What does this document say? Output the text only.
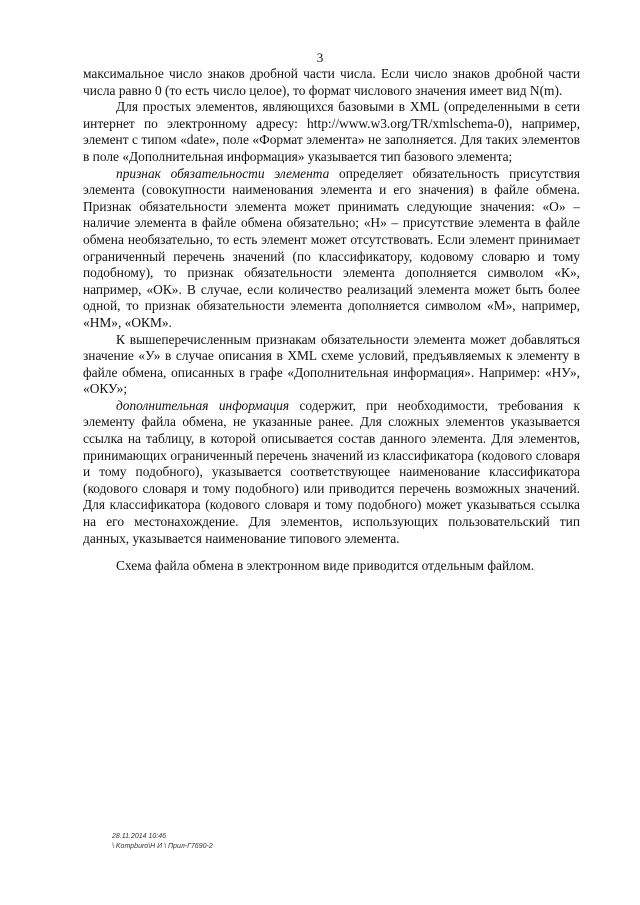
3

максимальное число знаков дробной части числа. Если число знаков дробной части числа равно 0 (то есть число целое), то формат числового значения имеет вид N(m).

Для простых элементов, являющихся базовыми в XML (определенными в сети интернет по электронному адресу: http://www.w3.org/TR/xmlschema-0), например, элемент с типом «date», поле «Формат элемента» не заполняется. Для таких элементов в поле «Дополнительная информация» указывается тип базового элемента;

признак обязательности элемента определяет обязательность присутствия элемента (совокупности наименования элемента и его значения) в файле обмена. Признак обязательности элемента может принимать следующие значения: «О» – наличие элемента в файле обмена обязательно; «Н» – присутствие элемента в файле обмена необязательно, то есть элемент может отсутствовать. Если элемент принимает ограниченный перечень значений (по классификатору, кодовому словарю и тому подобному), то признак обязательности элемента дополняется символом «К», например, «ОК». В случае, если количество реализаций элемента может быть более одной, то признак обязательности элемента дополняется символом «М», например, «НМ», «ОКМ».

К вышеперечисленным признакам обязательности элемента может добавляться значение «У» в случае описания в XML схеме условий, предъявляемых к элементу в файле обмена, описанных в графе «Дополнительная информация». Например: «НУ», «ОКУ»;

дополнительная информация содержит, при необходимости, требования к элементу файла обмена, не указанные ранее. Для сложных элементов указывается ссылка на таблицу, в которой описывается состав данного элемента. Для элементов, принимающих ограниченный перечень значений из классификатора (кодового словаря и тому подобного), указывается соответствующее наименование классификатора (кодового словаря и тому подобного) или приводится перечень возможных значений. Для классификатора (кодового словаря и тому подобного) может указываться ссылка на его местонахождение. Для элементов, использующих пользовательский тип данных, указывается наименование типового элемента.

Схема файла обмена в электронном виде приводится отдельным файлом.

28.11.2014 10:46
\ Kompburo\Н И \ Прил-Г7690-2
